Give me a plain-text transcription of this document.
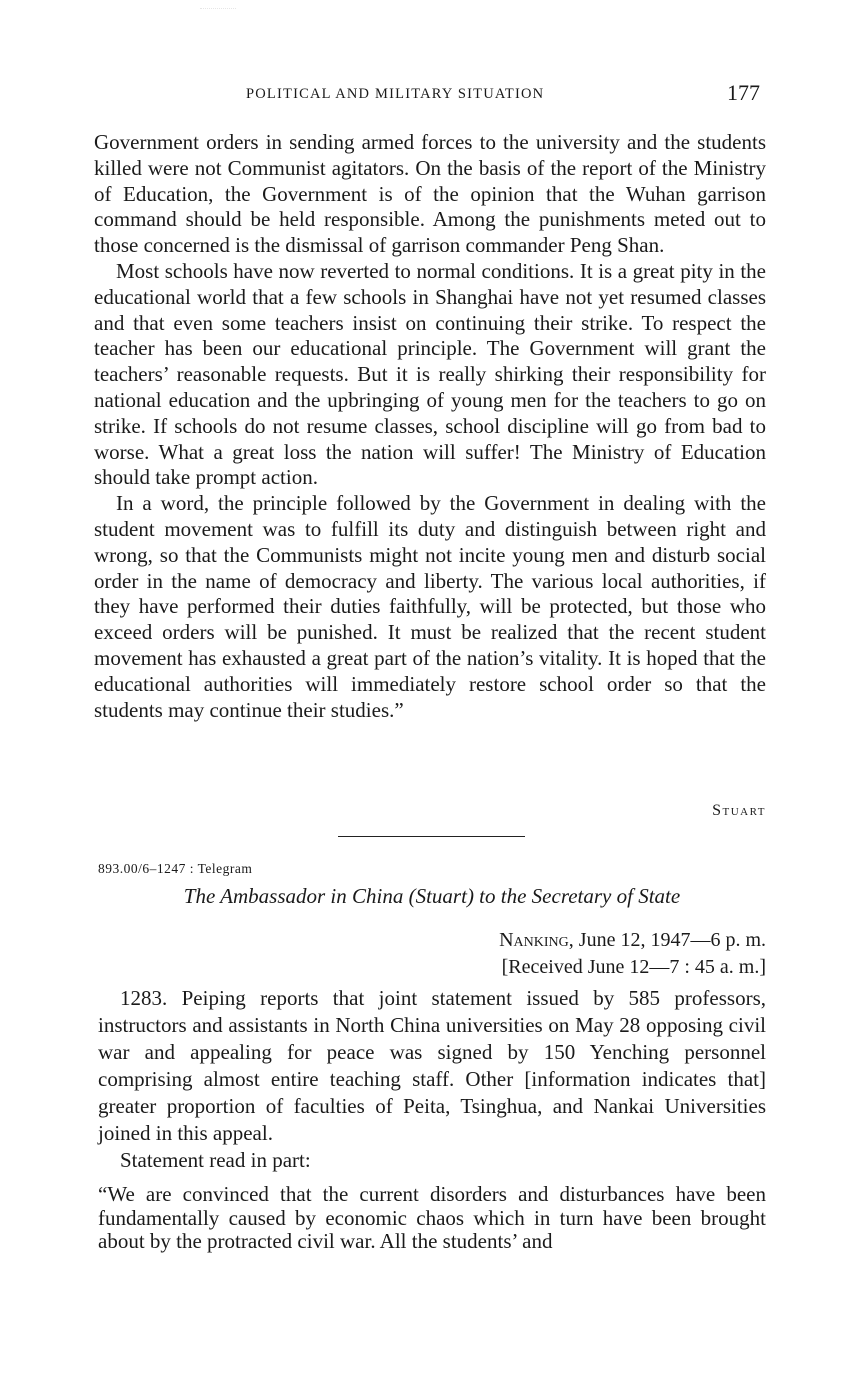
POLITICAL AND MILITARY SITUATION	177

Government orders in sending armed forces to the university and the students killed were not Communist agitators. On the basis of the report of the Ministry of Education, the Government is of the opinion that the Wuhan garrison command should be held responsible. Among the punishments meted out to those concerned is the dismissal of garrison commander Peng Shan.

Most schools have now reverted to normal conditions. It is a great pity in the educational world that a few schools in Shanghai have not yet resumed classes and that even some teachers insist on continuing their strike. To respect the teacher has been our educational principle. The Government will grant the teachers’ reasonable requests. But it is really shirking their responsibility for national education and the upbringing of young men for the teachers to go on strike. If schools do not resume classes, school discipline will go from bad to worse. What a great loss the nation will suffer! The Ministry of Education should take prompt action.

In a word, the principle followed by the Government in dealing with the student movement was to fulfill its duty and distinguish between right and wrong, so that the Communists might not incite young men and disturb social order in the name of democracy and liberty. The various local authorities, if they have performed their duties faithfully, will be protected, but those who exceed orders will be punished. It must be realized that the recent student movement has exhausted a great part of the nation’s vitality. It is hoped that the educational authorities will immediately restore school order so that the students may continue their studies.”

Stuart
893.00/6–1247 : Telegram
The Ambassador in China (Stuart) to the Secretary of State
Nanking, June 12, 1947—6 p. m.
[Received June 12—7 : 45 a. m.]

1283. Peiping reports that joint statement issued by 585 professors, instructors and assistants in North China universities on May 28 opposing civil war and appealing for peace was signed by 150 Yenching personnel comprising almost entire teaching staff. Other [information indicates that] greater proportion of faculties of Peita, Tsinghua, and Nankai Universities joined in this appeal.

Statement read in part:

“We are convinced that the current disorders and disturbances have been fundamentally caused by economic chaos which in turn have been brought about by the protracted civil war. All the students’ and
